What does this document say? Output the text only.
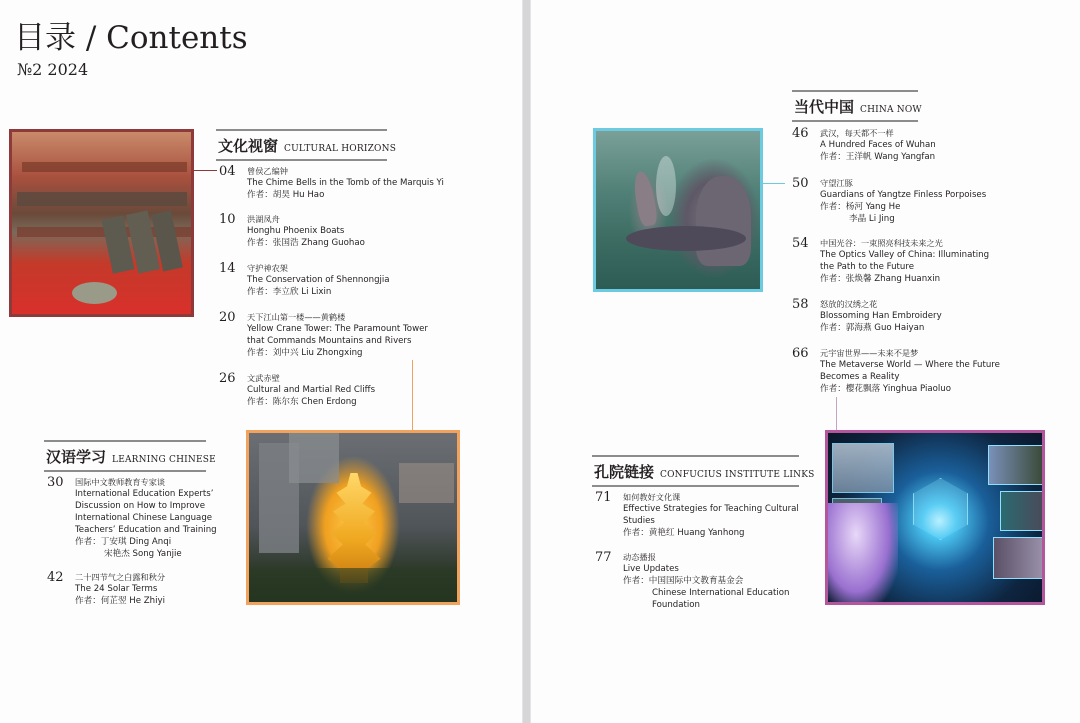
目录 / Contents
№2 2024
文化视窗 CULTURAL HORIZONS
04	曾侯乙编钟
The Chime Bells in the Tomb of the Marquis Yi
作者：胡昊 Hu Hao
10	洪湖凤舟
Honghu Phoenix Boats
作者：张国浩 Zhang Guohao
14	守护神农架
The Conservation of Shennongjia
作者：李立欣 Li Lixin
20	天下江山第一楼——黄鹤楼
Yellow Crane Tower: The Paramount Tower
that Commands Mountains and Rivers
作者：刘中兴 Liu Zhongxing
26	文武赤壁
Cultural and Martial Red Cliffs
作者：陈尔东 Chen Erdong
汉语学习 LEARNING CHINESE
30	国际中文教师教育专家谈
International Education Experts’
Discussion on How to Improve
International Chinese Language
Teachers’ Education and Training
作者：丁安琪 Ding Anqi
宋艳杰 Song Yanjie
42	二十四节气之白露和秋分
The 24 Solar Terms
作者：何芷翌 He Zhiyi
当代中国 CHINA NOW
46	武汉，每天都不一样
A Hundred Faces of Wuhan
作者：王洋帆 Wang Yangfan
50	守望江豚
Guardians of Yangtze Finless Porpoises
作者：杨河 Yang He
李晶 Li Jing
54	中国光谷：一束照亮科技未来之光
The Optics Valley of China: Illuminating
the Path to the Future
作者：张焕馨 Zhang Huanxin
58	怒放的汉绣之花
Blossoming Han Embroidery
作者：郭海燕 Guo Haiyan
66	元宇宙世界——未来不是梦
The Metaverse World — Where the Future
Becomes a Reality
作者：樱花飘落 Yinghua Piaoluo
孔院链接 CONFUCIUS INSTITUTE LINKS
71	如何教好文化课
Effective Strategies for Teaching Cultural
Studies
作者：黄艳红 Huang Yanhong
77	动态播报
Live Updates
作者：中国国际中文教育基金会
Chinese International Education
Foundation
